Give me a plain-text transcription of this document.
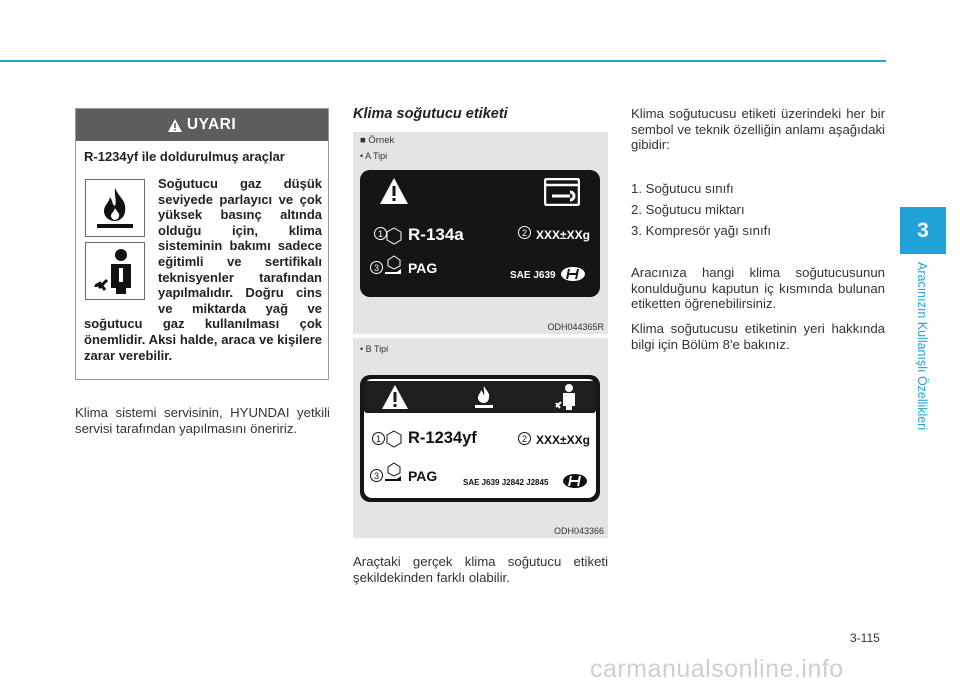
3
Aracınızın Kullanışlı Özellikleri
UYARI
R-1234yf ile doldurulmuş araçlar
Soğutucu gaz düşük seviyede parlayıcı ve çok yüksek basınç altında olduğu için, klima sisteminin bakımı sadece eğitimli ve sertifikalı teknisyenler tarafından yapılmalıdır. Doğru cins ve miktarda yağ ve soğutucu gaz kullanılması çok önemlidir. Aksi halde, araca ve kişilere zarar verebilir.
Klima sistemi servisinin, HYUNDAI yetkili servisi tarafından yapılmasını öneririz.
Klima soğutucu etiketi
■ Örnek
• A Tipi
1 R-134a	2 XXX±XXg
3 PAG	SAE J639
ODH044365R
• B Tipi
1 R-1234yf	2 XXX±XXg
3 PAG	SAE J639 J2842 J2845
ODH043366
Araçtaki gerçek klima soğutucu etiketi şekildekinden farklı olabilir.
Klima soğutucusu etiketi üzerindeki her bir sembol ve teknik özelliğin anlamı aşağıdaki gibidir:
1. Soğutucu sınıfı
2. Soğutucu miktarı
3. Kompresör yağı sınıfı
Aracınıza hangi klima soğutucusunun konulduğunu kaputun iç kısmında bulunan etiketten öğrenebilirsiniz.
Klima soğutucusu etiketinin yeri hakkında bilgi için Bölüm 8'e bakınız.
3-115
carmanualsonline.info
